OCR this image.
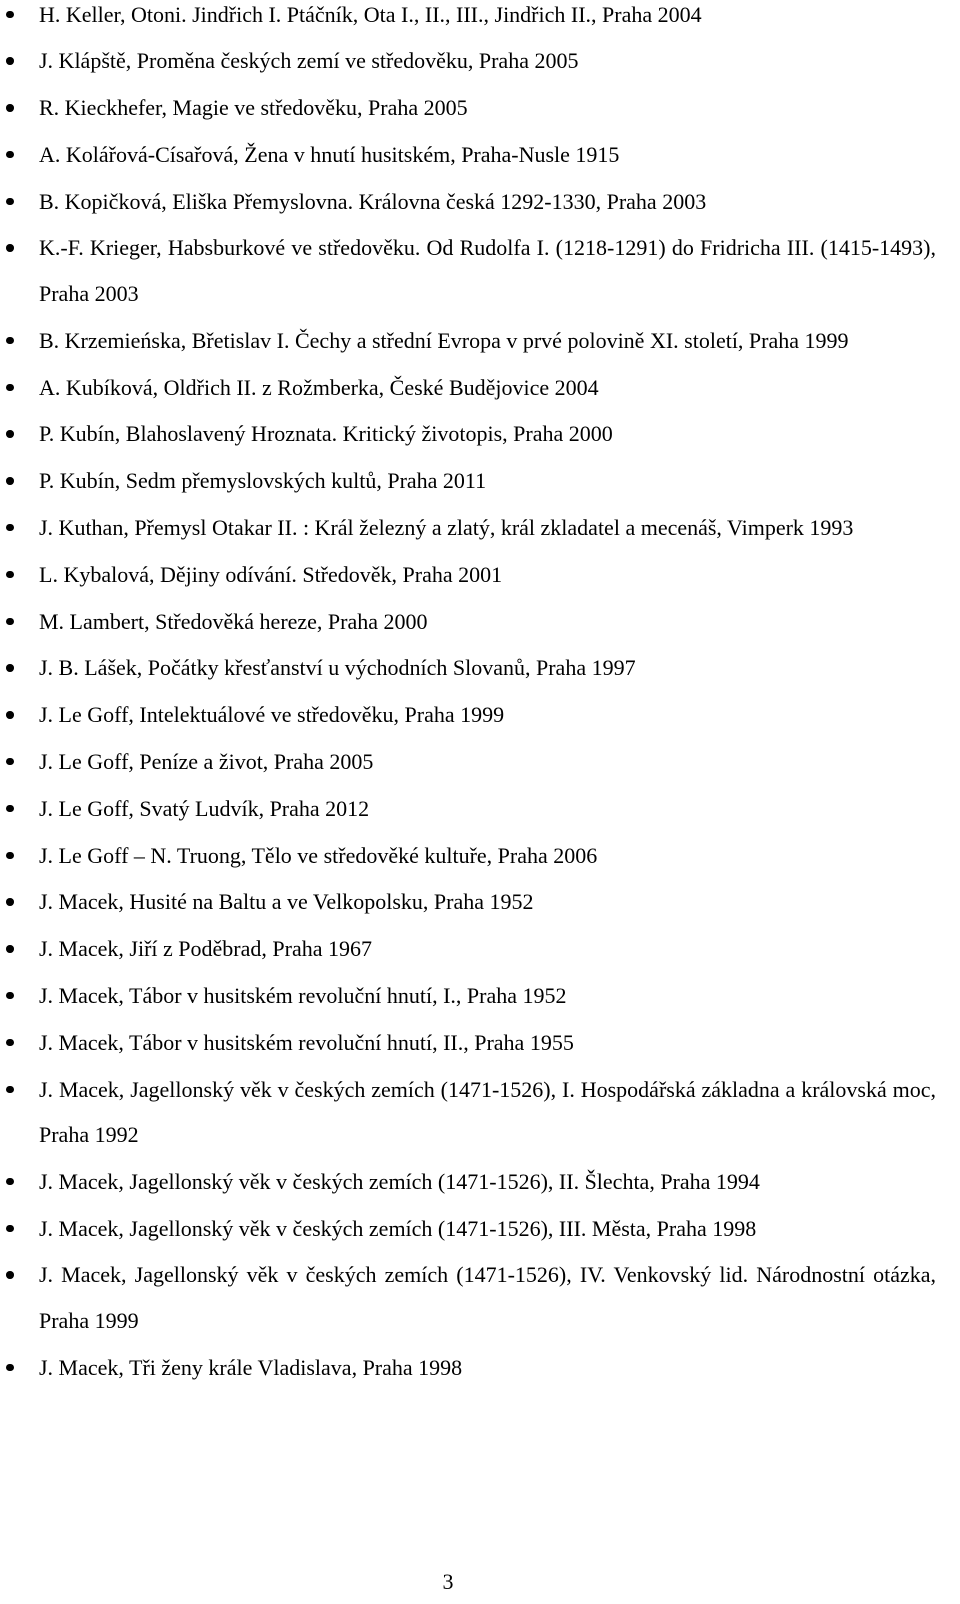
H. Keller, Otoni. Jindřich I. Ptáčník, Ota I., II., III., Jindřich II., Praha 2004
J. Klápště, Proměna českých zemí ve středověku, Praha 2005
R. Kieckhefer, Magie ve středověku, Praha 2005
A. Kolářová-Císařová, Žena v hnutí husitském, Praha-Nusle 1915
B. Kopičková, Eliška Přemyslovna. Královna česká 1292-1330, Praha 2003
K.-F. Krieger, Habsburkové ve středověku. Od Rudolfa I. (1218-1291) do Fridricha III. (1415-1493), Praha 2003
B. Krzemieńska, Břetislav I. Čechy a střední Evropa v prvé polovině XI. století, Praha 1999
A. Kubíková, Oldřich II. z Rožmberka, České Budějovice 2004
P. Kubín, Blahoslavený Hroznata. Kritický životopis, Praha 2000
P. Kubín, Sedm přemyslovských kultů, Praha 2011
J. Kuthan, Přemysl Otakar II. : Král železný a zlatý, král zkladatel a mecenáš, Vimperk 1993
L. Kybalová, Dějiny odívání. Středověk, Praha 2001
M. Lambert, Středověká hereze, Praha 2000
J. B. Lášek, Počátky křesťanství u východních Slovanů, Praha 1997
J. Le Goff, Intelektuálové ve středověku, Praha 1999
J. Le Goff, Peníze a život, Praha 2005
J. Le Goff, Svatý Ludvík, Praha 2012
J. Le Goff – N. Truong, Tělo ve středověké kultuře, Praha 2006
J. Macek, Husité na Baltu a ve Velkopolsku, Praha 1952
J. Macek, Jiří z Poděbrad, Praha 1967
J. Macek, Tábor v husitském revoluční hnutí, I., Praha 1952
J. Macek, Tábor v husitském revoluční hnutí, II., Praha 1955
J. Macek, Jagellonský věk v českých zemích (1471-1526), I. Hospodářská základna a královská moc, Praha 1992
J. Macek, Jagellonský věk v českých zemích (1471-1526), II. Šlechta, Praha 1994
J. Macek, Jagellonský věk v českých zemích (1471-1526), III. Města, Praha 1998
J. Macek, Jagellonský věk v českých zemích (1471-1526), IV. Venkovský lid. Národnostní otázka, Praha 1999
J. Macek, Tři ženy krále Vladislava, Praha 1998
3
